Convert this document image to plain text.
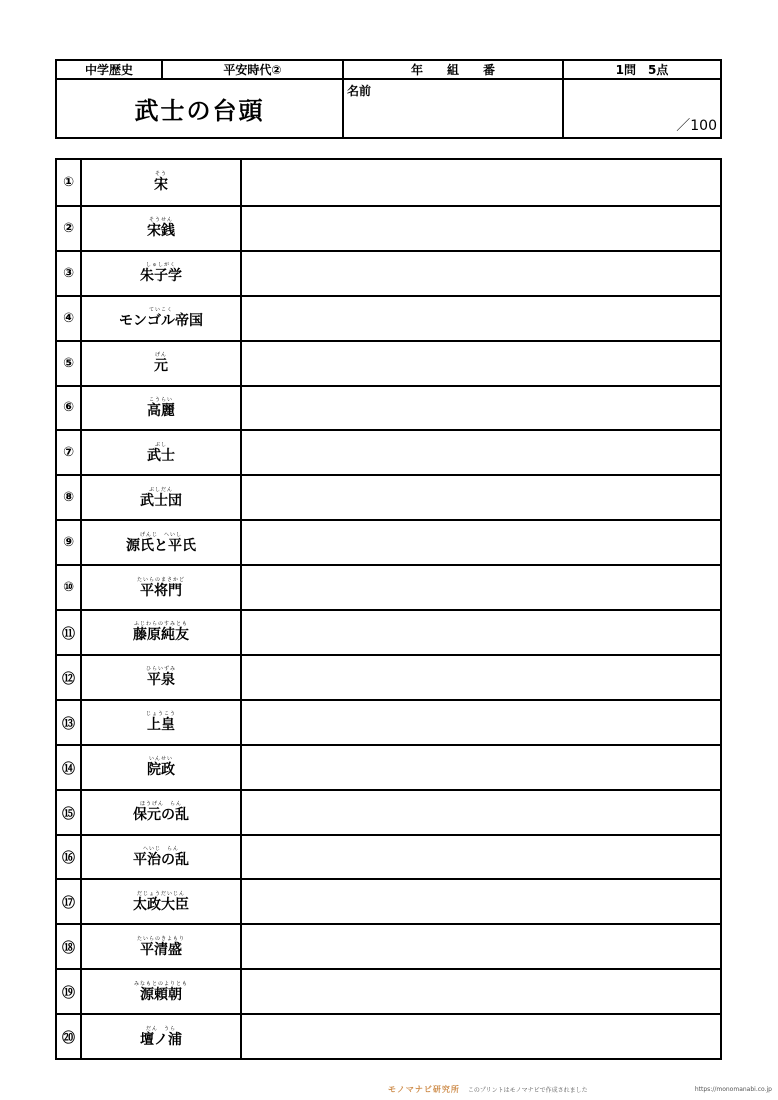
中学歴史	平安時代②	年　　組　　番	1問　5点
武士の台頭
名前
／100
①
そう
宋
②
そうせん
宋銭
③
しゅしがく
朱子学
④
ていこく
モンゴル帝国
⑤
げん
元
⑥
こうらい
高麗
⑦
ぶし
武士
⑧
ぶしだん
武士団
⑨
げんじ　へいし
源氏と平氏
⑩
たいらのまさかど
平将門
⑪
ふじわらのすみとも
藤原純友
⑫
ひらいずみ
平泉
⑬
じょうこう
上皇
⑭
いんせい
院政
⑮
ほうげん　らん
保元の乱
⑯
へいじ　らん
平治の乱
⑰
だじょうだいじん
太政大臣
⑱
たいらのきよもり
平清盛
⑲
みなもとのよりとも
源頼朝
⑳
だん　うら
壇ノ浦
モノマナビ研究所 このプリントはモノマナビで作成されました	https://monomanabi.co.jp
